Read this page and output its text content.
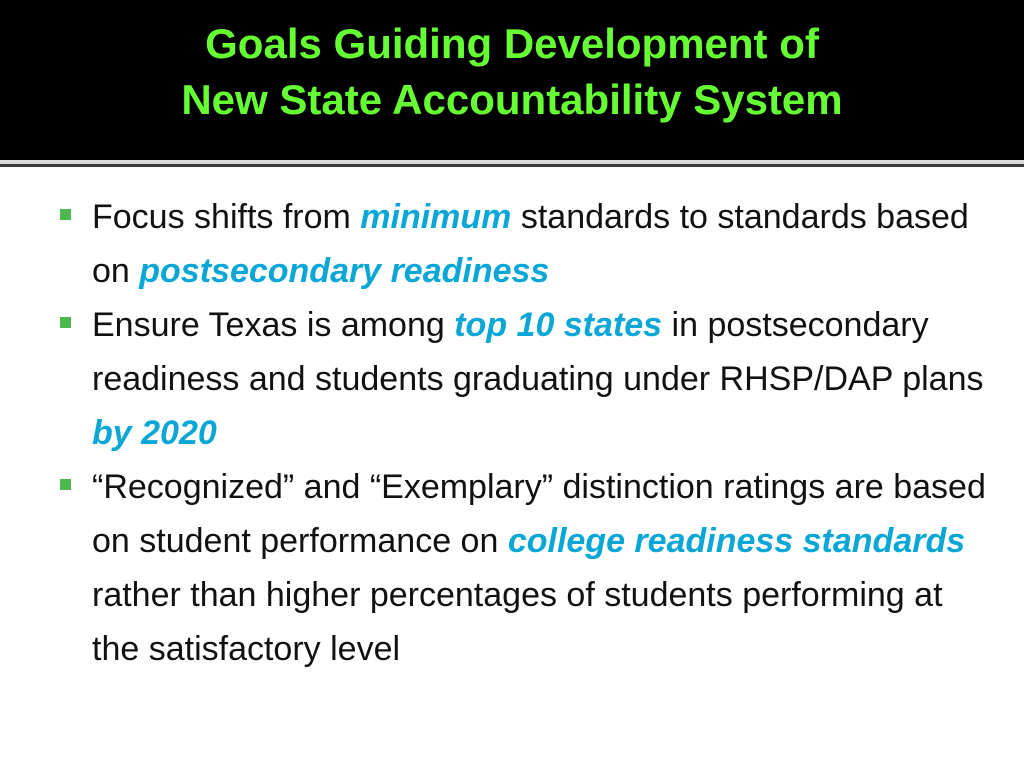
Goals Guiding Development of
New State Accountability System

Focus shifts from minimum standards to standards based on postsecondary readiness

Ensure Texas is among top 10 states in postsecondary readiness and students graduating under RHSP/DAP plans by 2020

“Recognized” and “Exemplary” distinction ratings are based on student performance on college readiness standards rather than higher percentages of students performing at the satisfactory level
